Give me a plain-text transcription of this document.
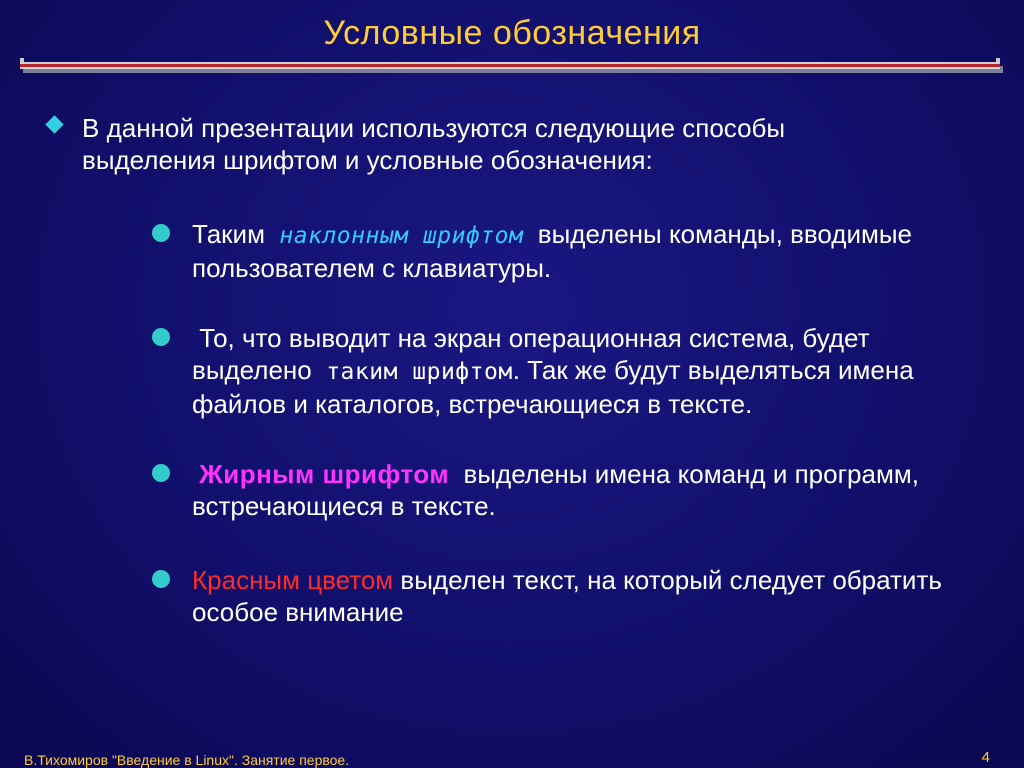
Условные обозначения
В данной презентации используются следующие способы выделения шрифтом и условные обозначения:
Таким  наклонным шрифтом  выделены команды, вводимые пользователем с клавиатуры.
То, что выводит на экран операционная система, будет выделено  таким шрифтом. Так же будут выделяться имена файлов и каталогов, встречающиеся в тексте.
Жирным шрифтом  выделены имена команд и программ, встречающиеся в тексте.
Красным цветом выделен текст, на который следует обратить особое внимание
В.Тихомиров "Введение в Linux". Занятие первое.	4
